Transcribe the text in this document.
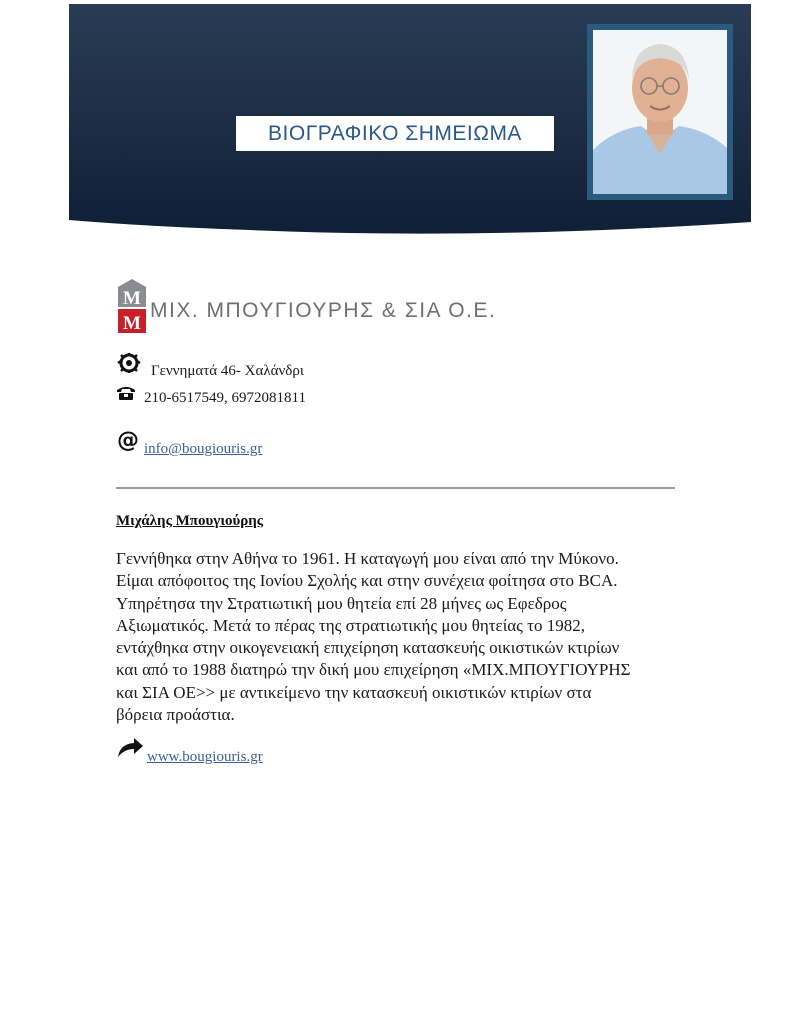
ΒΙΟΓΡΑΦΙΚΟ ΣΗΜΕΙΩΜΑ
M
M
ΜΙΧ. ΜΠΟΥΓΙΟΥΡΗΣ & ΣΙΑ Ο.Ε.
Γεννηματά 46- Χαλάνδρι
210-6517549, 6972081811
@ info@bougiouris.gr
Μιχάλης Μπουγιούρης

Γεννήθηκα στην Αθήνα το 1961. Η καταγωγή μου είναι από την Μύκονο.

Είμαι απόφοιτος της Ιονίου Σχολής και στην συνέχεια φοίτησα στο BCA.

Υπηρέτησα την Στρατιωτική μου θητεία επί 28 μήνες ως Εφεδρος

Αξιωματικός. Μετά το πέρας της στρατιωτικής μου θητείας το 1982,

εντάχθηκα στην οικογενειακή επιχείρηση κατασκευής οικιστικών κτιρίων

και από το 1988 διατηρώ την δική μου επιχείρηση «ΜΙΧ.ΜΠΟΥΓΙΟΥΡΗΣ

και ΣΙΑ ΟΕ>> με αντικείμενο την κατασκευή οικιστικών κτιρίων στα

βόρεια προάστια.

www.bougiouris.gr
